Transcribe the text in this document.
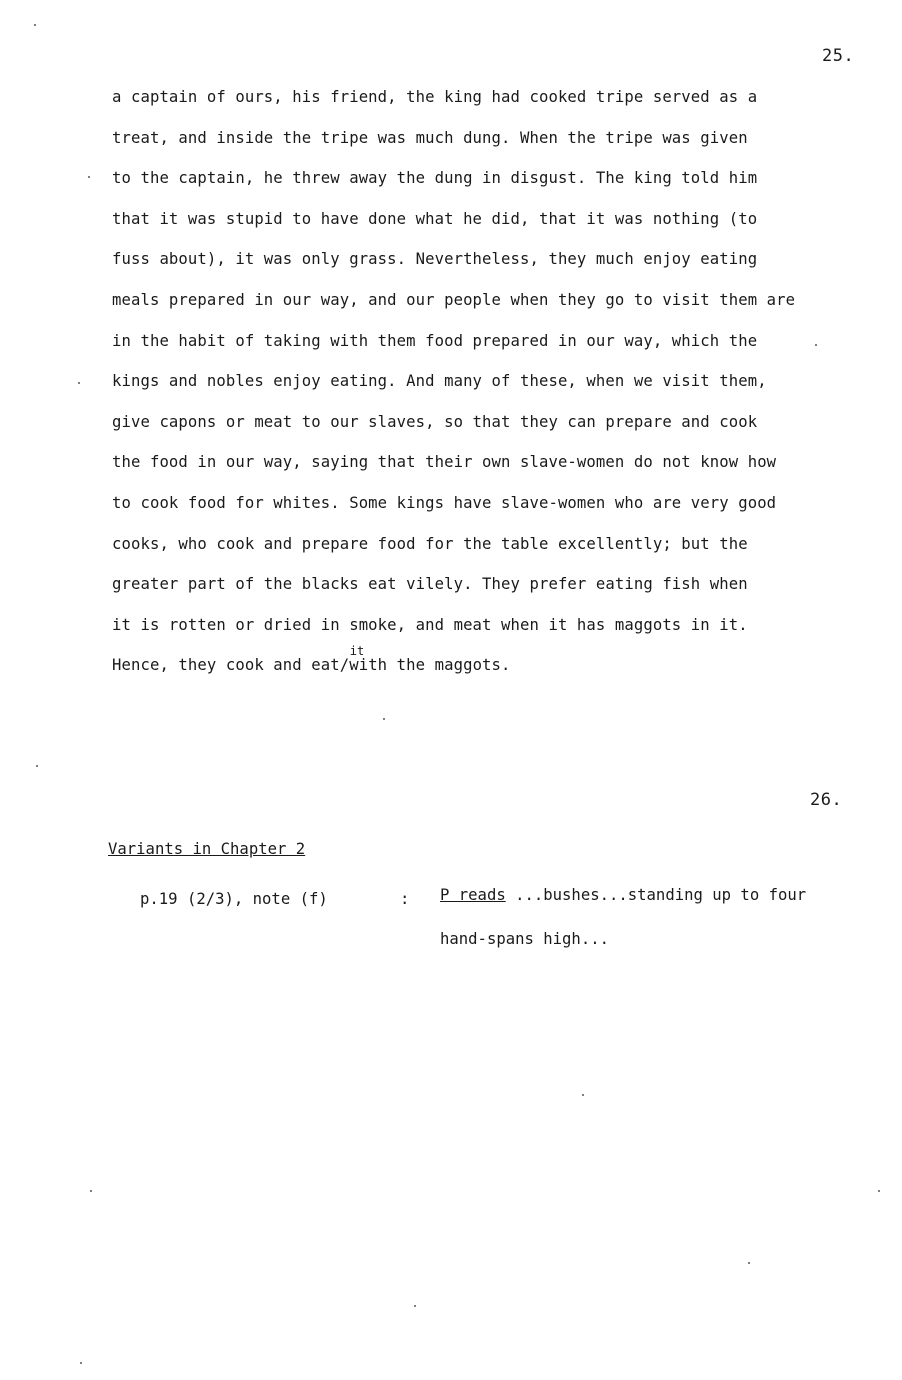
25.
a captain of ours, his friend, the king had cooked tripe served as a
treat, and inside the tripe was much dung. When the tripe was given
to the captain, he threw away the dung in disgust. The king told him
that it was stupid to have done what he did, that it was nothing (to
fuss about), it was only grass. Nevertheless, they much enjoy eating
meals prepared in our way, and our people when they go to visit them are
in the habit of taking with them food prepared in our way, which the
kings and nobles enjoy eating. And many of these, when we visit them,
give capons or meat to our slaves, so that they can prepare and cook
the food in our way, saying that their own slave-women do not know how
to cook food for whites. Some kings have slave-women who are very good
cooks, who cook and prepare food for the table excellently; but the
greater part of the blacks eat vilely. They prefer eating fish when
it is rotten or dried in smoke, and meat when it has maggots in it.
Hence, they cook and eat
it
/with the maggots.
26.
Variants in Chapter 2
p.19 (2/3), note (f)	: P reads ...bushes...standing up to four
hand-spans high...
